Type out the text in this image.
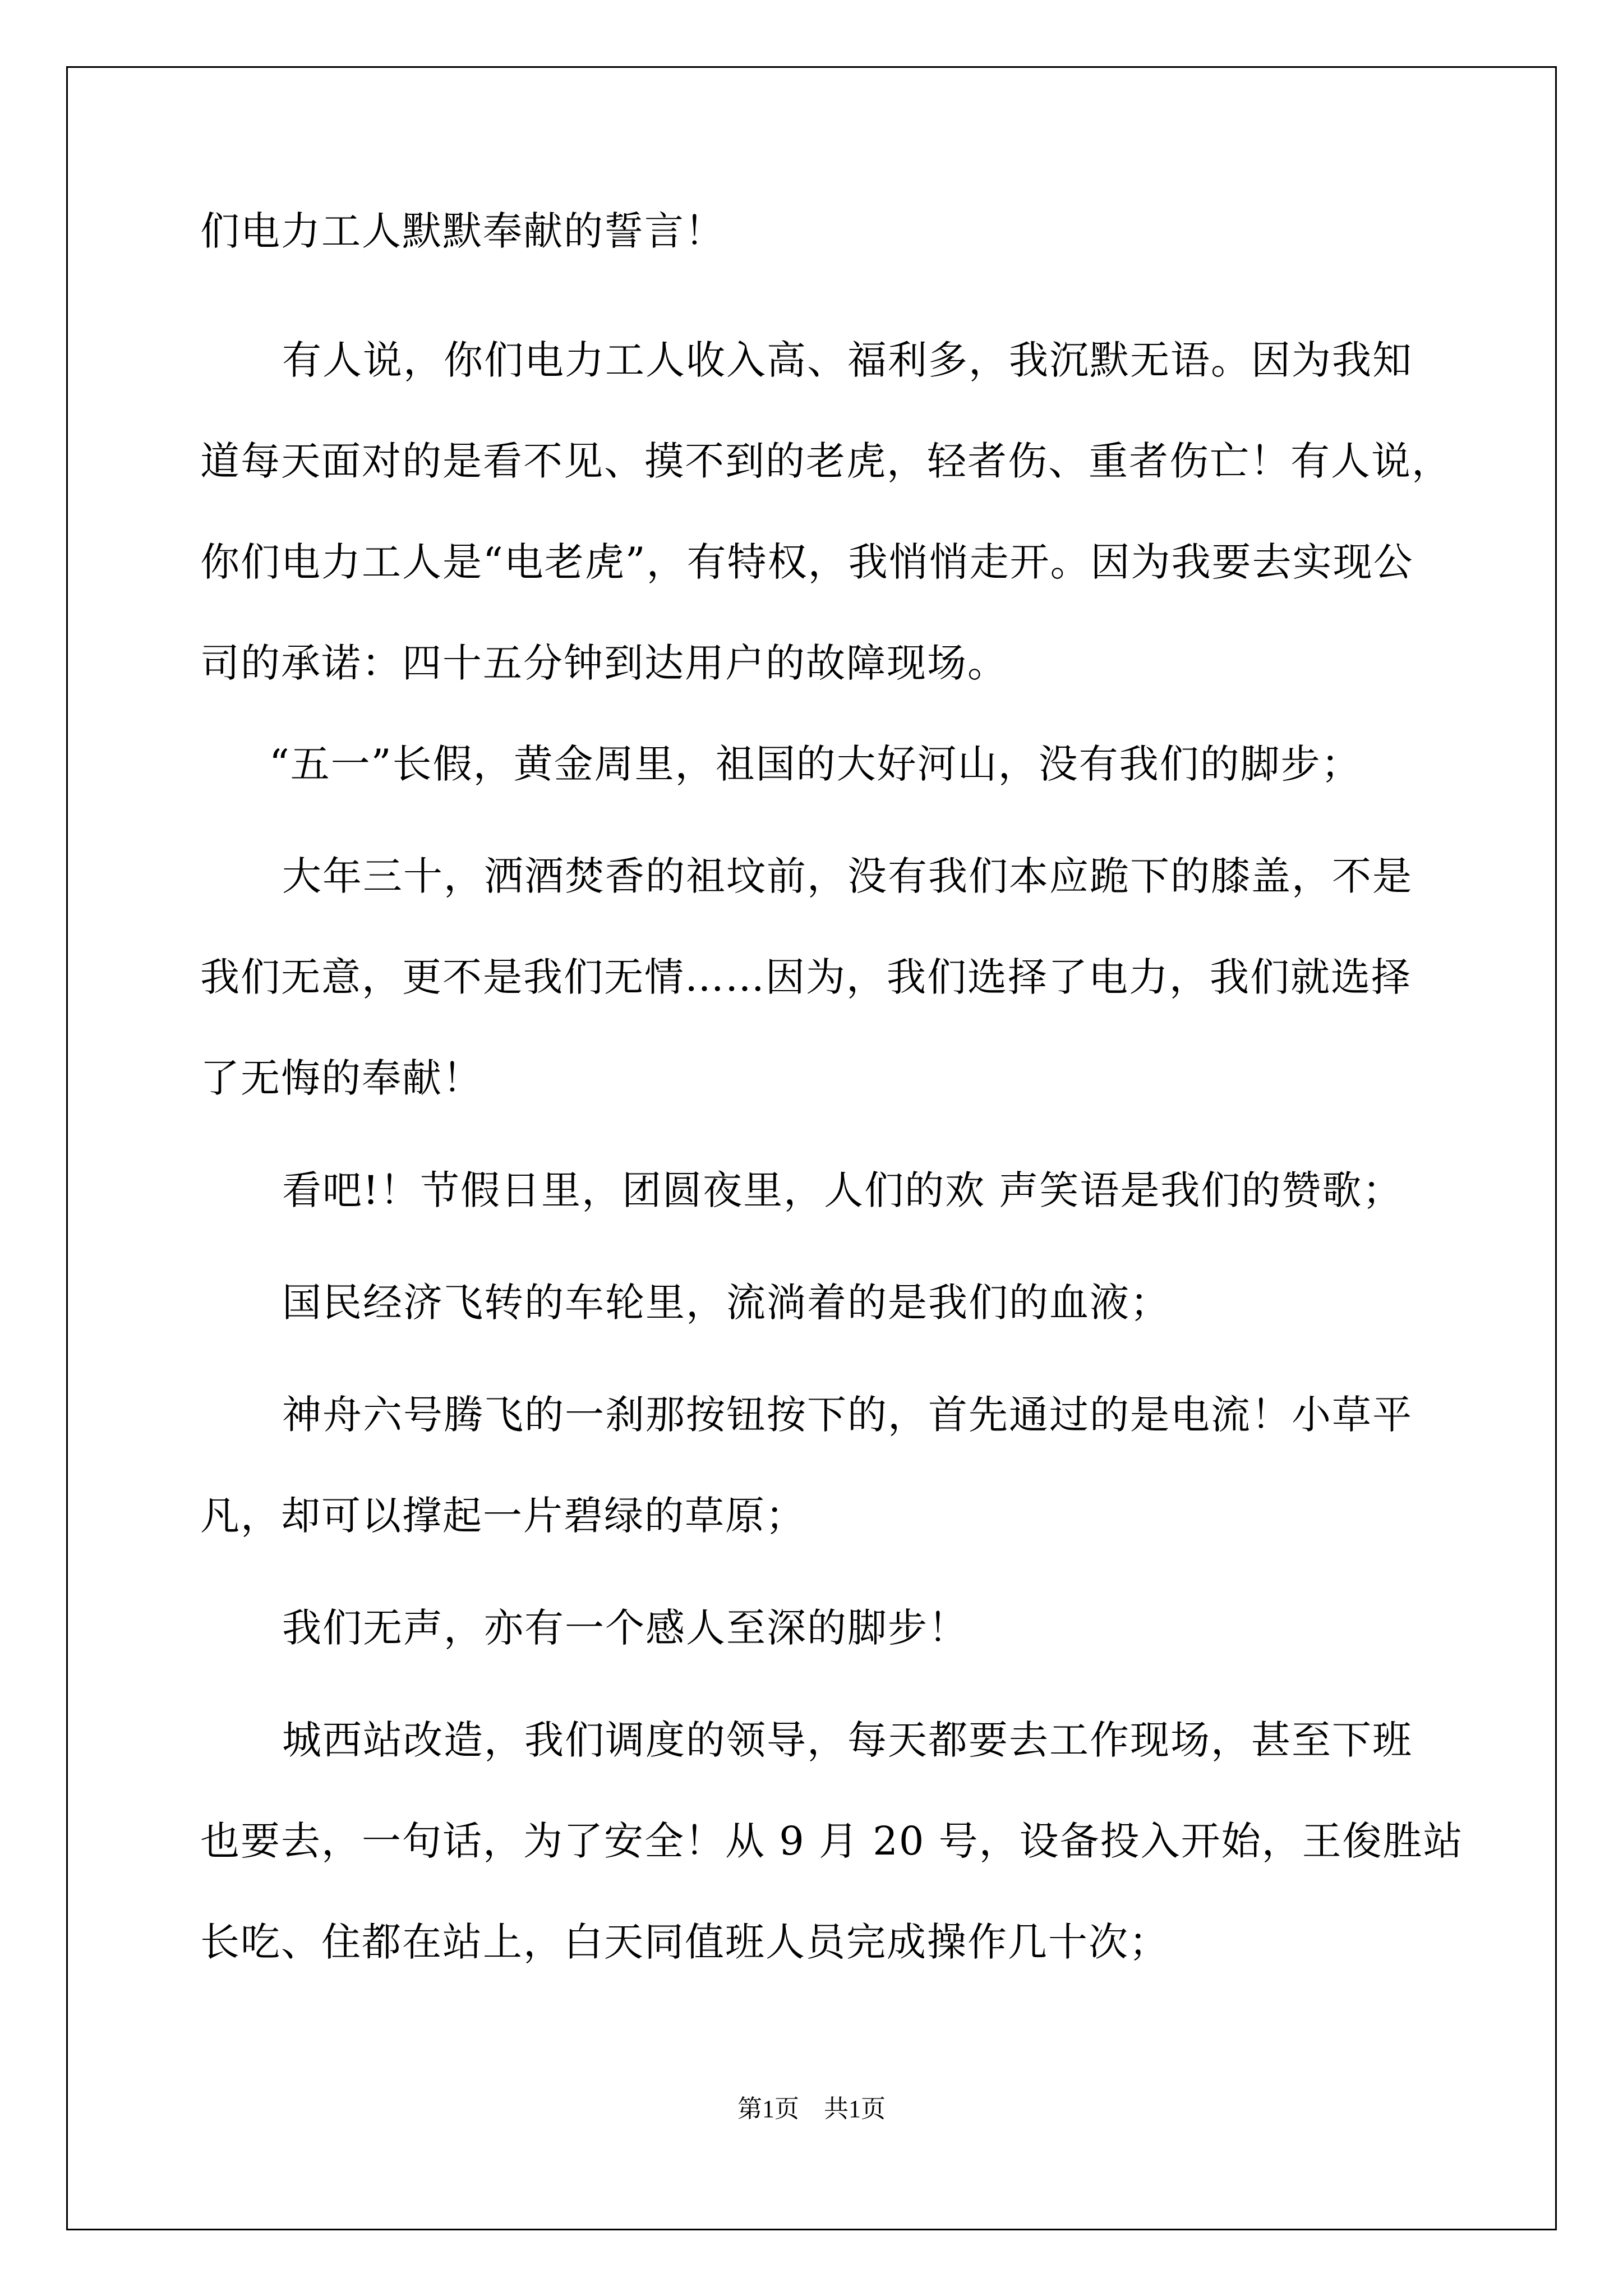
们电力工人默默奉献的誓言！
有人说，你们电力工人收入高、福利多，我沉默无语。因为我知
道每天面对的是看不见、摸不到的老虎，轻者伤、重者伤亡！有人说，
你们电力工人是“电老虎”，有特权，我悄悄走开。因为我要去实现公
司的承诺：四十五分钟到达用户的故障现场。
“五一”长假，黄金周里，祖国的大好河山，没有我们的脚步；
大年三十，洒酒焚香的祖坟前，没有我们本应跪下的膝盖，不是
我们无意，更不是我们无情……因为，我们选择了电力，我们就选择
了无悔的奉献！
看吧!！节假日里，团圆夜里，人们的欢 声笑语是我们的赞歌；
国民经济飞转的车轮里，流淌着的是我们的血液；
神舟六号腾飞的一刹那按钮按下的，首先通过的是电流！小草平
凡，却可以撑起一片碧绿的草原；
我们无声，亦有一个感人至深的脚步！
城西站改造，我们调度的领导，每天都要去工作现场，甚至下班
也要去，一句话，为了安全！从 9 月 20 号，设备投入开始，王俊胜站
长吃、住都在站上，白天同值班人员完成操作几十次；
第1页　共1页
